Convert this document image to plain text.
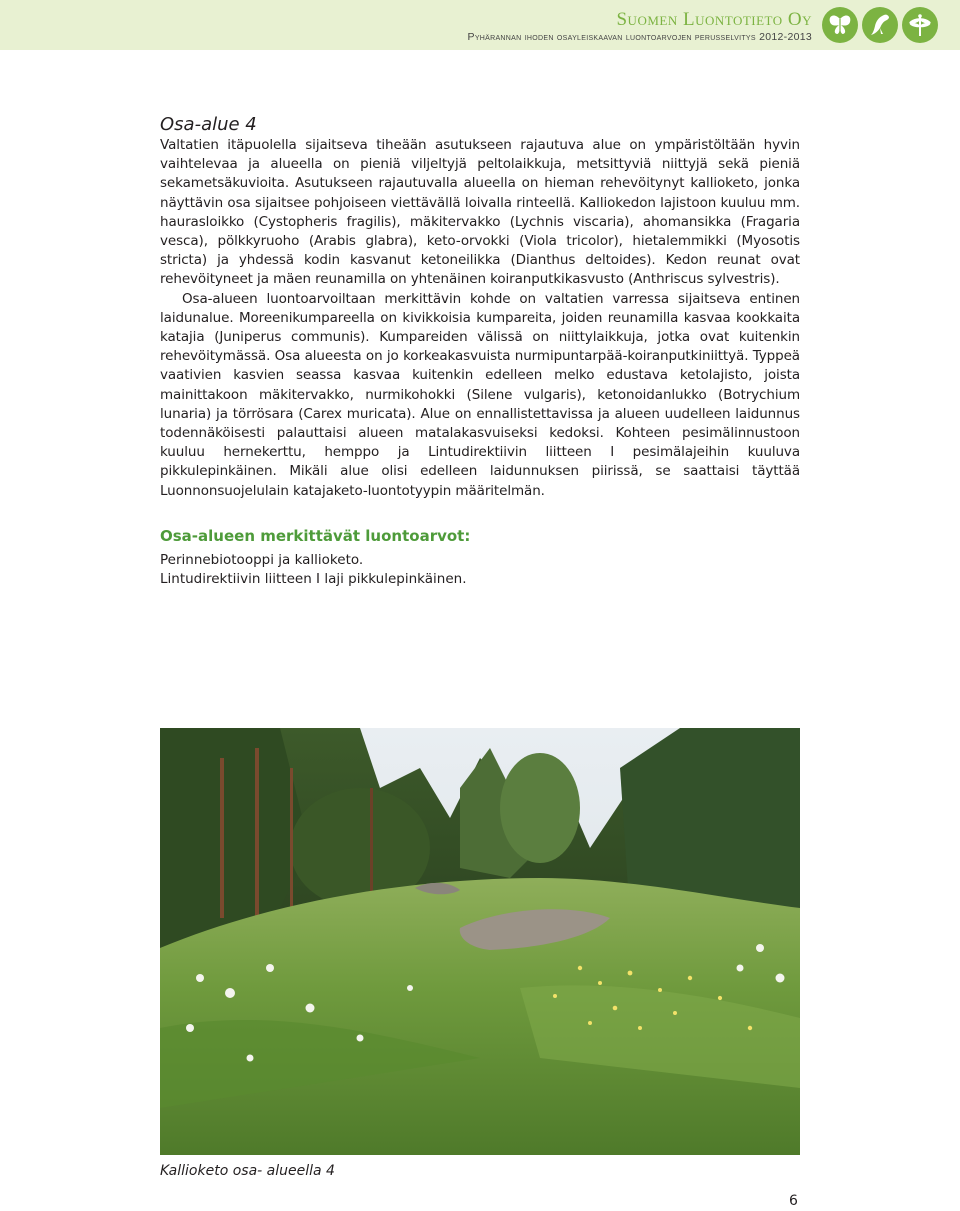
Suomen Luontotieto Oy
Pyhärannan ihoden osayleiskaavan luontoarvojen perusselvitys 2012-2013
Osa-alue 4

Valtatien itäpuolella sijaitseva tiheään asutukseen rajautuva alue on ympäristöltään hyvin vaihtelevaa ja alueella on pieniä viljeltyjä peltolaikkuja, metsittyviä niittyjä sekä pieniä sekametsäkuvioita. Asutukseen rajautuvalla alueella on hieman rehevöitynyt kallioketo, jonka näyttävin osa sijaitsee pohjoiseen viettävällä loivalla rinteellä. Kalliokedon lajistoon kuuluu mm. haurasloikko (Cystopheris fragilis), mäkitervakko (Lychnis viscaria), ahomansikka (Fragaria vesca), pölkkyruoho (Arabis glabra), keto-orvokki (Viola tricolor), hietalemmikki (Myosotis stricta) ja yhdessä kodin kasvanut ketoneilikka (Dianthus deltoides). Kedon reunat ovat rehevöityneet ja mäen reunamilla on yhtenäinen koiranputkikasvusto (Anthriscus sylvestris).

Osa-alueen luontoarvoiltaan merkittävin kohde on valtatien varressa sijaitseva entinen laidunalue. Moreenikumpareella on kivikkoisia kumpareita, joiden reunamilla kasvaa kookkaita katajia (Juniperus communis). Kumpareiden välissä on niittylaikkuja, jotka ovat kuitenkin rehevöitymässä. Osa alueesta on jo korkeakasvuista nurmipuntarpää-koiranputkiniittyä. Typpeä vaativien kasvien seassa kasvaa kuitenkin edelleen melko edustava ketolajisto, joista mainittakoon mäkitervakko, nurmikohokki (Silene vulgaris), ketonoidanlukko (Botrychium lunaria) ja törrösara (Carex muricata). Alue on ennallistettavissa ja alueen uudelleen laidunnus todennäköisesti palauttaisi alueen matalakasvuiseksi kedoksi. Kohteen pesimälinnustoon kuuluu hernekerttu, hemppo ja Lintudirektiivin liitteen I pesimälajeihin kuuluva pikkulepinkäinen. Mikäli alue olisi edelleen laidunnuksen piirissä, se saattaisi täyttää Luonnonsuojelulain katajaketo-luontotyypin määritelmän.

Osa-alueen merkittävät luontoarvot:

Perinnebiotooppi ja kallioketo.

Lintudirektiivin liitteen I laji pikkulepinkäinen.

Kallioketo osa- alueella 4
6
